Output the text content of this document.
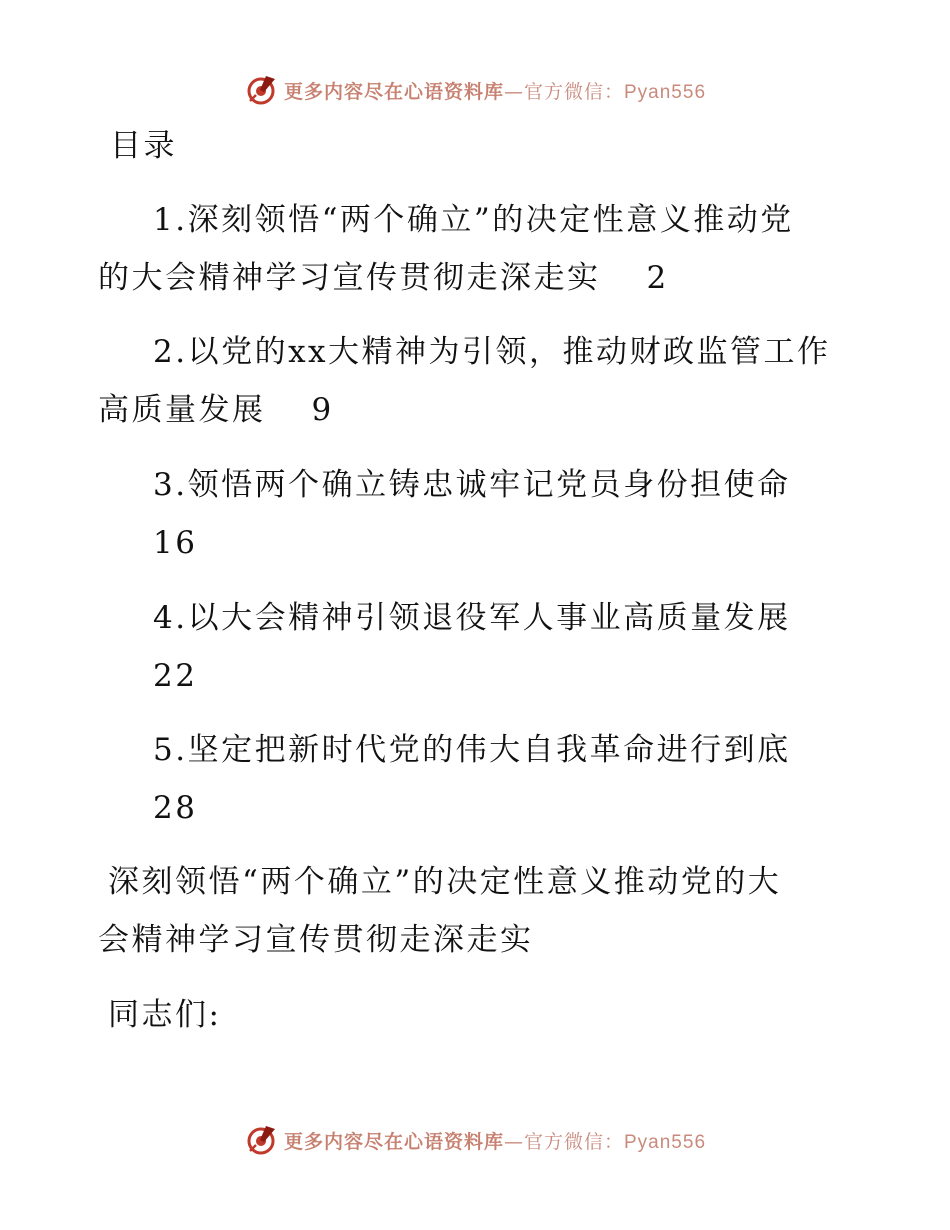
更多内容尽在心语资料库—官方微信：Pyan556
目录
1.深刻领悟“两个确立”的决定性意义推动党
的大会精神学习宣传贯彻走深走实 2
2.以党的xx大精神为引领，推动财政监管工作
高质量发展 9
3.领悟两个确立铸忠诚牢记党员身份担使命
16
4.以大会精神引领退役军人事业高质量发展
22
5.坚定把新时代党的伟大自我革命进行到底
28
深刻领悟“两个确立”的决定性意义推动党的大
会精神学习宣传贯彻走深走实
同志们:
更多内容尽在心语资料库—官方微信：Pyan556
